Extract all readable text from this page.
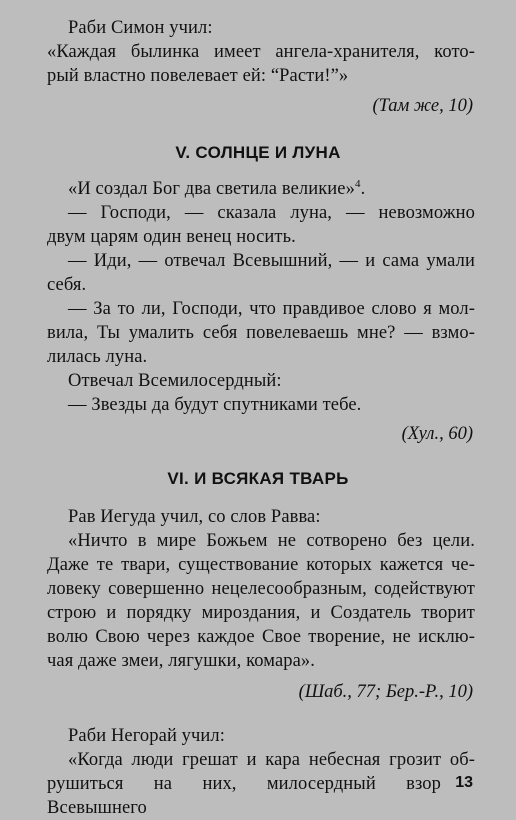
Раби Симон учил:
«Каждая былинка имеет ангела-хранителя, кото-
рый властно повелевает ей: “Расти!”»
(Там же, 10)
V. СОЛНЦЕ И ЛУНА
«И создал Бог два светила великие»$^4$.
— Господи, — сказала луна, — невозможно
двум царям один венец носить.
— Иди, — отвечал Всевышний, — и сама умали
себя.
— За то ли, Господи, что правдивое слово я мол-
вила, Ты умалить себя повелеваешь мне? — взмо-
лилась луна.
Отвечал Всемилосердный:
— Звезды да будут спутниками тебе.
(Хул., 60)
VI. И ВСЯКАЯ ТВАРЬ
Рав Иегуда учил, со слов Равва:
«Ничто в мире Божьем не сотворено без цели.
Даже те твари, существование которых кажется че-
ловеку совершенно нецелесообразным, содействуют
строю и порядку мироздания, и Создатель творит
волю Свою через каждое Свое творение, не исклю-
чая даже змеи, лягушки, комара».
(Шаб., 77; Бер.-Р., 10)
Раби Негорай учил:
«Когда люди грешат и кара небесная грозит об-
рушиться на них, милосердный взор Всевышнего
13
